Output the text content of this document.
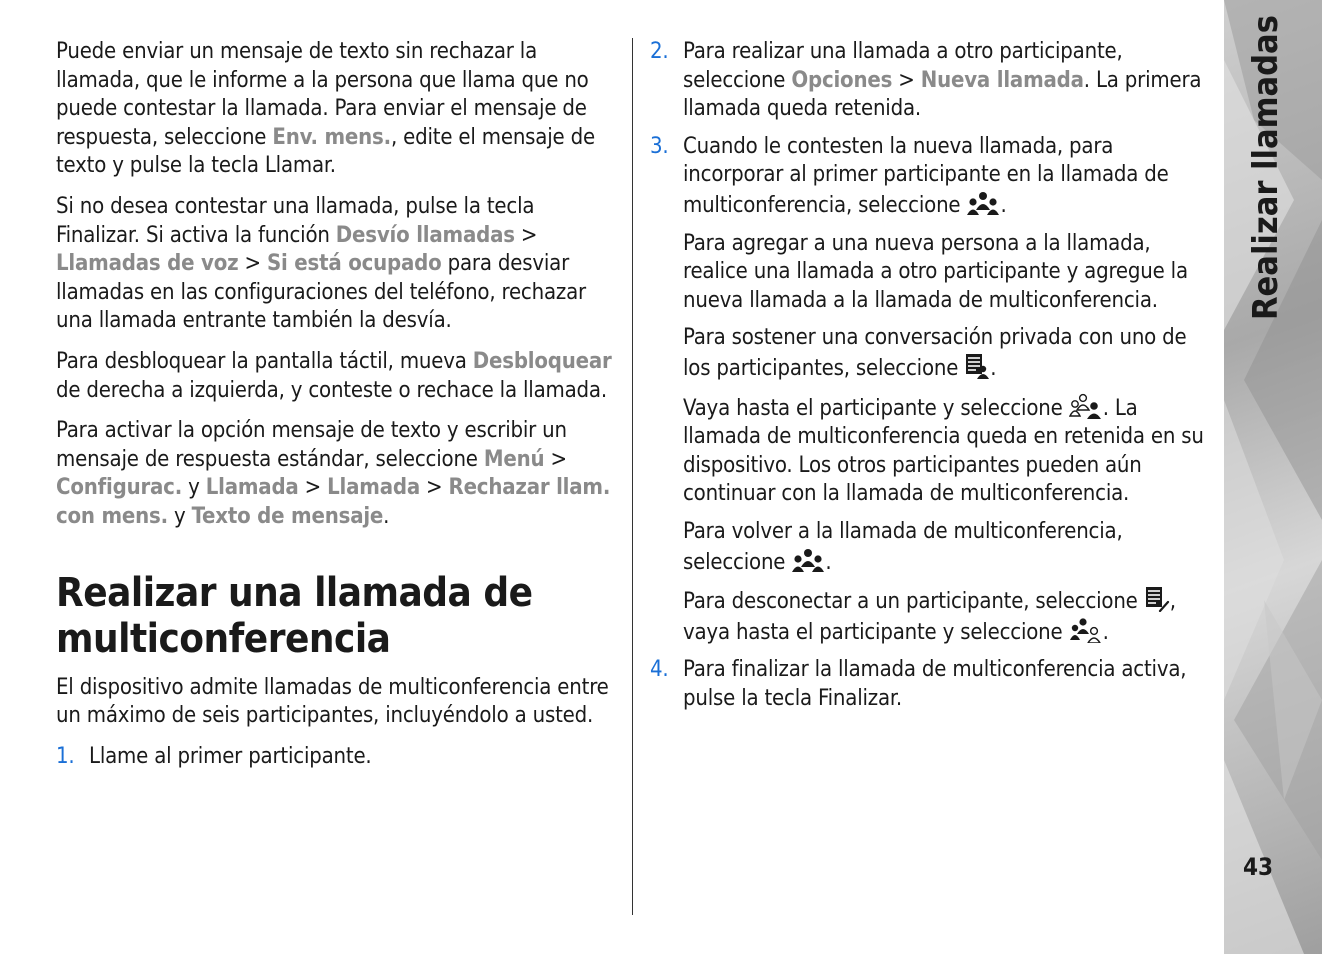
Puede enviar un mensaje de texto sin rechazar la llamada, que le informe a la persona que llama que no puede contestar la llamada. Para enviar el mensaje de respuesta, seleccione Env. mens., edite el mensaje de texto y pulse la tecla Llamar.

Si no desea contestar una llamada, pulse la tecla Finalizar. Si activa la función Desvío llamadas > Llamadas de voz > Si está ocupado para desviar llamadas en las configuraciones del teléfono, rechazar una llamada entrante también la desvía.

Para desbloquear la pantalla táctil, mueva Desbloquear de derecha a izquierda, y conteste o rechace la llamada.

Para activar la opción mensaje de texto y escribir un mensaje de respuesta estándar, seleccione Menú > Configurac. y Llamada > Llamada > Rechazar llam. con mens. y Texto de mensaje.

Realizar una llamada de multiconferencia

El dispositivo admite llamadas de multiconferencia entre un máximo de seis participantes, incluyéndolo a usted.

1. Llame al primer participante.
2. Para realizar una llamada a otro participante, seleccione Opciones > Nueva llamada. La primera llamada queda retenida.
3. Cuando le contesten la nueva llamada, para incorporar al primer participante en la llamada de multiconferencia, seleccione
.

Para agregar a una nueva persona a la llamada, realice una llamada a otro participante y agregue la nueva llamada a la llamada de multiconferencia.

Para sostener una conversación privada con uno de los participantes, seleccione
.

Vaya hasta el participante y seleccione
. La llamada de multiconferencia queda en retenida en su dispositivo. Los otros participantes pueden aún continuar con la llamada de multiconferencia.

Para volver a la llamada de multiconferencia, seleccione
.

Para desconectar a un participante, seleccione
, vaya hasta el participante y seleccione
.

4. Para finalizar la llamada de multiconferencia activa, pulse la tecla Finalizar.
Realizar llamadas
43
